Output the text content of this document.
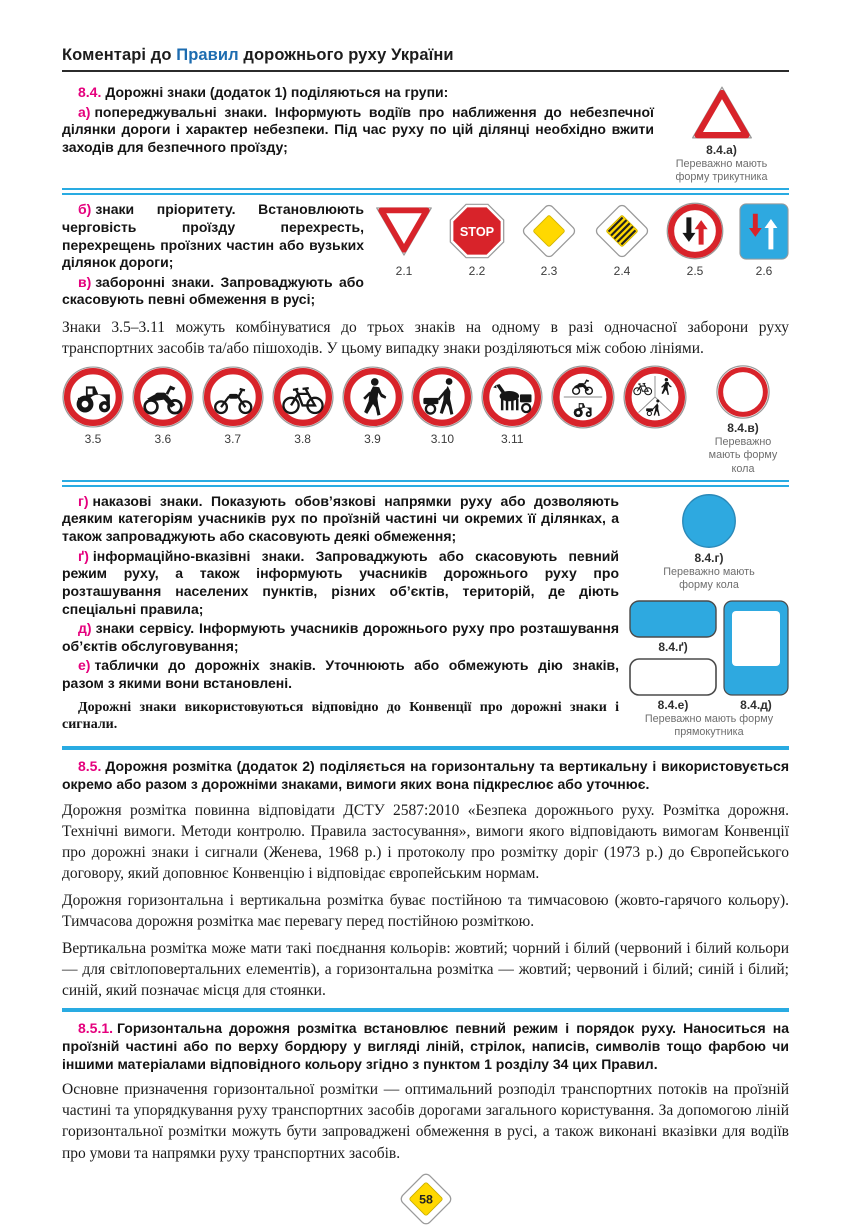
Коментарі до Правил дорожнього руху України

8.4. Дорожні знаки (додаток 1) поділяються на групи:

а) попереджувальні знаки. Інформують водіїв про наближення до небезпечної ділянки дороги і характер небезпеки. Під час руху по цій ділянці необхідно вжити заходів для безпечного проїзду;	8.4.а)
Переважно мають форму трикутника

б) знаки пріоритету. Встановлюють черговість проїзду перехресть, перехрещень проїзних частин або вузьких ділянок дороги;

в) заборонні знаки. Запроваджують або скасовують певні обмеження в русі;

2.1
STOP
2.2	2.3	2.4	2.5	2.6

Знаки 3.5–3.11 можуть комбінуватися до трьох знаків на одному в разі одночасної заборони руху транспортних засобів та/або пішоходів. У цьому випадку знаки розділяються між собою лініями.

3.5	3.6	3.7	3.8	3.9	3.10	3.11
8.4.в)
Переважно мають форму кола

г) наказові знаки. Показують обов’язкові напрямки руху або дозволяють деяким категоріям учасників рух по проїзній частині чи окремих її ділянках, а також запроваджують або скасовують деякі обмеження;

ґ) інформаційно-вказівні знаки. Запроваджують або скасовують певний режим руху, а також інформують учасників дорожнього руху про розташування населених пунктів, різних об’єктів, територій, де діють спеціальні правила;

д) знаки сервісу. Інформують учасників дорожнього руху про розташування об’єктів обслуговування;

е) таблички до дорожніх знаків. Уточнюють або обмежують дію знаків, разом з якими вони встановлені.

Дорожні знаки використовуються відповідно до Конвенції про дорожні знаки і сигнали.

8.4.г)
Переважно мають форму кола
8.4.ґ)
8.4.е)	8.4.д)
Переважно мають форму прямокутника

8.5. Дорожня розмітка (додаток 2) поділяється на горизонтальну та вертикальну і використовується окремо або разом з дорожніми знаками, вимоги яких вона підкреслює або уточнює.

Дорожня розмітка повинна відповідати ДСТУ 2587:2010 «Безпека дорожнього руху. Розмітка дорожня. Технічні вимоги. Методи контролю. Правила застосування», вимоги якого відповідають вимогам Конвенції про дорожні знаки і сигнали (Женева, 1968 р.) і протоколу про розмітку доріг (1973 р.) до Європейського договору, який доповнює Конвенцію і відповідає європейським нормам.

Дорожня горизонтальна і вертикальна розмітка буває постійною та тимчасовою (жовто-гарячого кольору). Тимчасова дорожня розмітка має перевагу перед постійною розміткою.

Вертикальна розмітка може мати такі поєднання кольорів: жовтий; чорний і білий (червоний і білий кольори — для світлоповертальних елементів), а горизонтальна розмітка — жовтий; червоний і білий; синій і білий; синій, який позначає місця для стоянки.

8.5.1. Горизонтальна дорожня розмітка встановлює певний режим і порядок руху. Наноситься на проїзній частині або по верху бордюру у вигляді ліній, стрілок, написів, символів тощо фарбою чи іншими матеріалами відповідного кольору згідно з пунктом 1 розділу 34 цих Правил.

Основне призначення горизонтальної розмітки — оптимальний розподіл транспортних потоків на проїзній частині та упорядкування руху транспортних засобів дорогами загального користування. За допомогою ліній горизонтальної розмітки можуть бути запроваджені обмеження в русі, а також виконані вказівки для водіїв про умови та напрямки руху транспортних засобів.

58
